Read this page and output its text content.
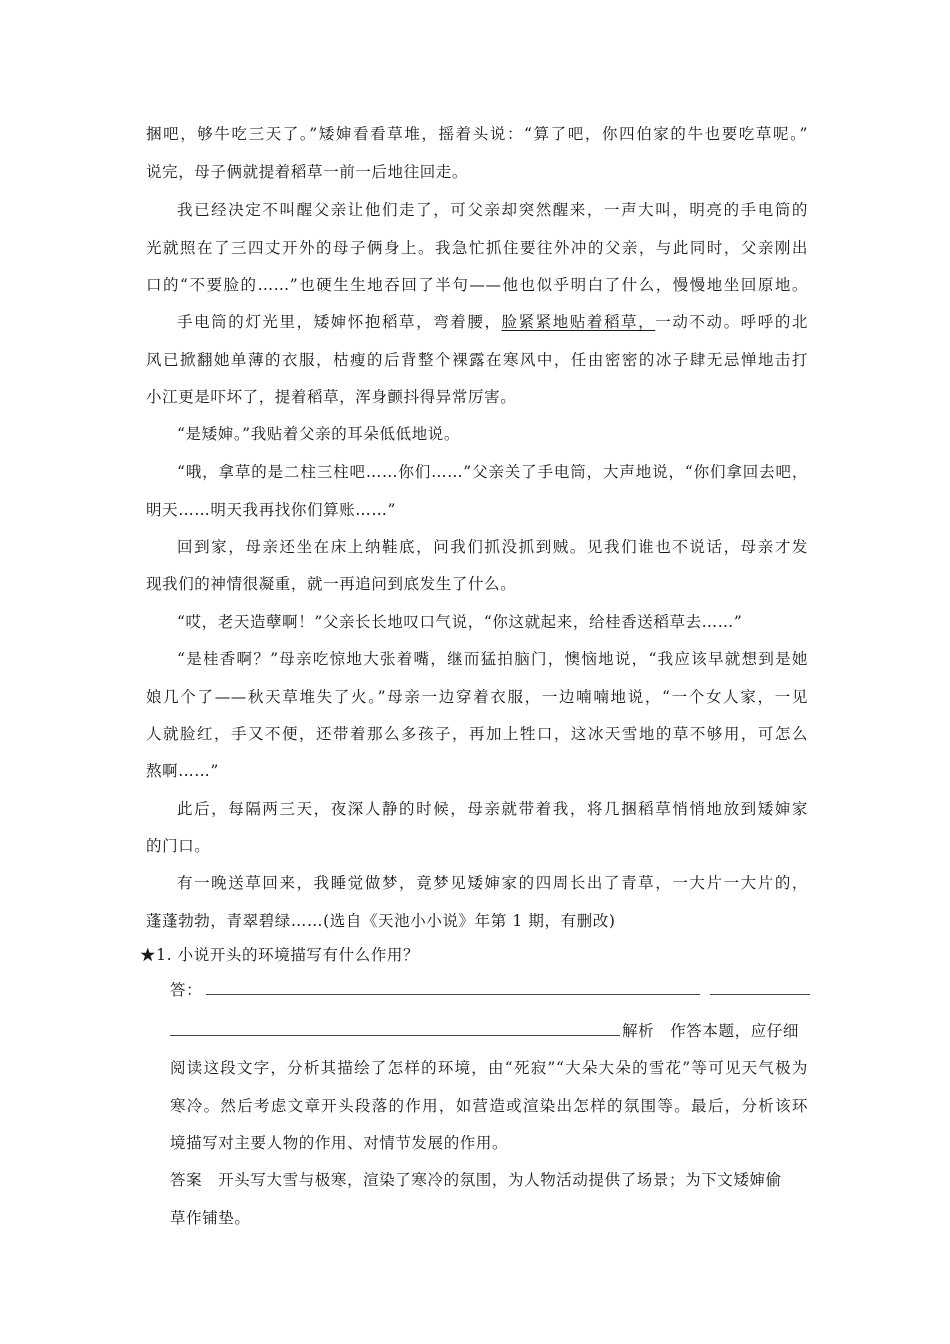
捆吧，够牛吃三天了。”矮婶看看草堆，摇着头说：“算了吧，你四伯家的牛也要吃草呢。”
说完，母子俩就提着稻草一前一后地往回走。
我已经决定不叫醒父亲让他们走了，可父亲却突然醒来，一声大叫，明亮的手电筒的
光就照在了三四丈开外的母子俩身上。我急忙抓住要往外冲的父亲，与此同时，父亲刚出
口的“不要脸的……”也硬生生地吞回了半句——他也似乎明白了什么，慢慢地坐回原地。
手电筒的灯光里，矮婶怀抱稻草，弯着腰，脸紧紧地贴着稻草，一动不动。呼呼的北
风已掀翻她单薄的衣服，枯瘦的后背整个裸露在寒风中，任由密密的冰子肆无忌惮地击打
小江更是吓坏了，提着稻草，浑身颤抖得异常厉害。
“是矮婶。”我贴着父亲的耳朵低低地说。
“哦，拿草的是二柱三柱吧……你们……”父亲关了手电筒，大声地说，“你们拿回去吧，
明天……明天我再找你们算账……”
回到家，母亲还坐在床上纳鞋底，问我们抓没抓到贼。见我们谁也不说话，母亲才发
现我们的神情很凝重，就一再追问到底发生了什么。
“哎，老天造孽啊！”父亲长长地叹口气说，“你这就起来，给桂香送稻草去……”
“是桂香啊？”母亲吃惊地大张着嘴，继而猛拍脑门，懊恼地说，“我应该早就想到是她
娘几个了——秋天草堆失了火。”母亲一边穿着衣服，一边喃喃地说，“一个女人家，一见
人就脸红，手又不便，还带着那么多孩子，再加上牲口，这冰天雪地的草不够用，可怎么
熬啊……”
此后，每隔两三天，夜深人静的时候，母亲就带着我，将几捆稻草悄悄地放到矮婶家
的门口。
有一晚送草回来，我睡觉做梦，竟梦见矮婶家的四周长出了青草，一大片一大片的，
蓬蓬勃勃，青翠碧绿……(选自《天池小小说》年第 1 期，有删改)
★1. 小说开头的环境描写有什么作用？
答：
解析 作答本题，应仔细
阅读这段文字，分析其描绘了怎样的环境，由“死寂”“大朵大朵的雪花”等可见天气极为
寒冷。然后考虑文章开头段落的作用，如营造或渲染出怎样的氛围等。最后，分析该环
境描写对主要人物的作用、对情节发展的作用。
答案 开头写大雪与极寒，渲染了寒冷的氛围，为人物活动提供了场景；为下文矮婶偷
草作铺垫。
